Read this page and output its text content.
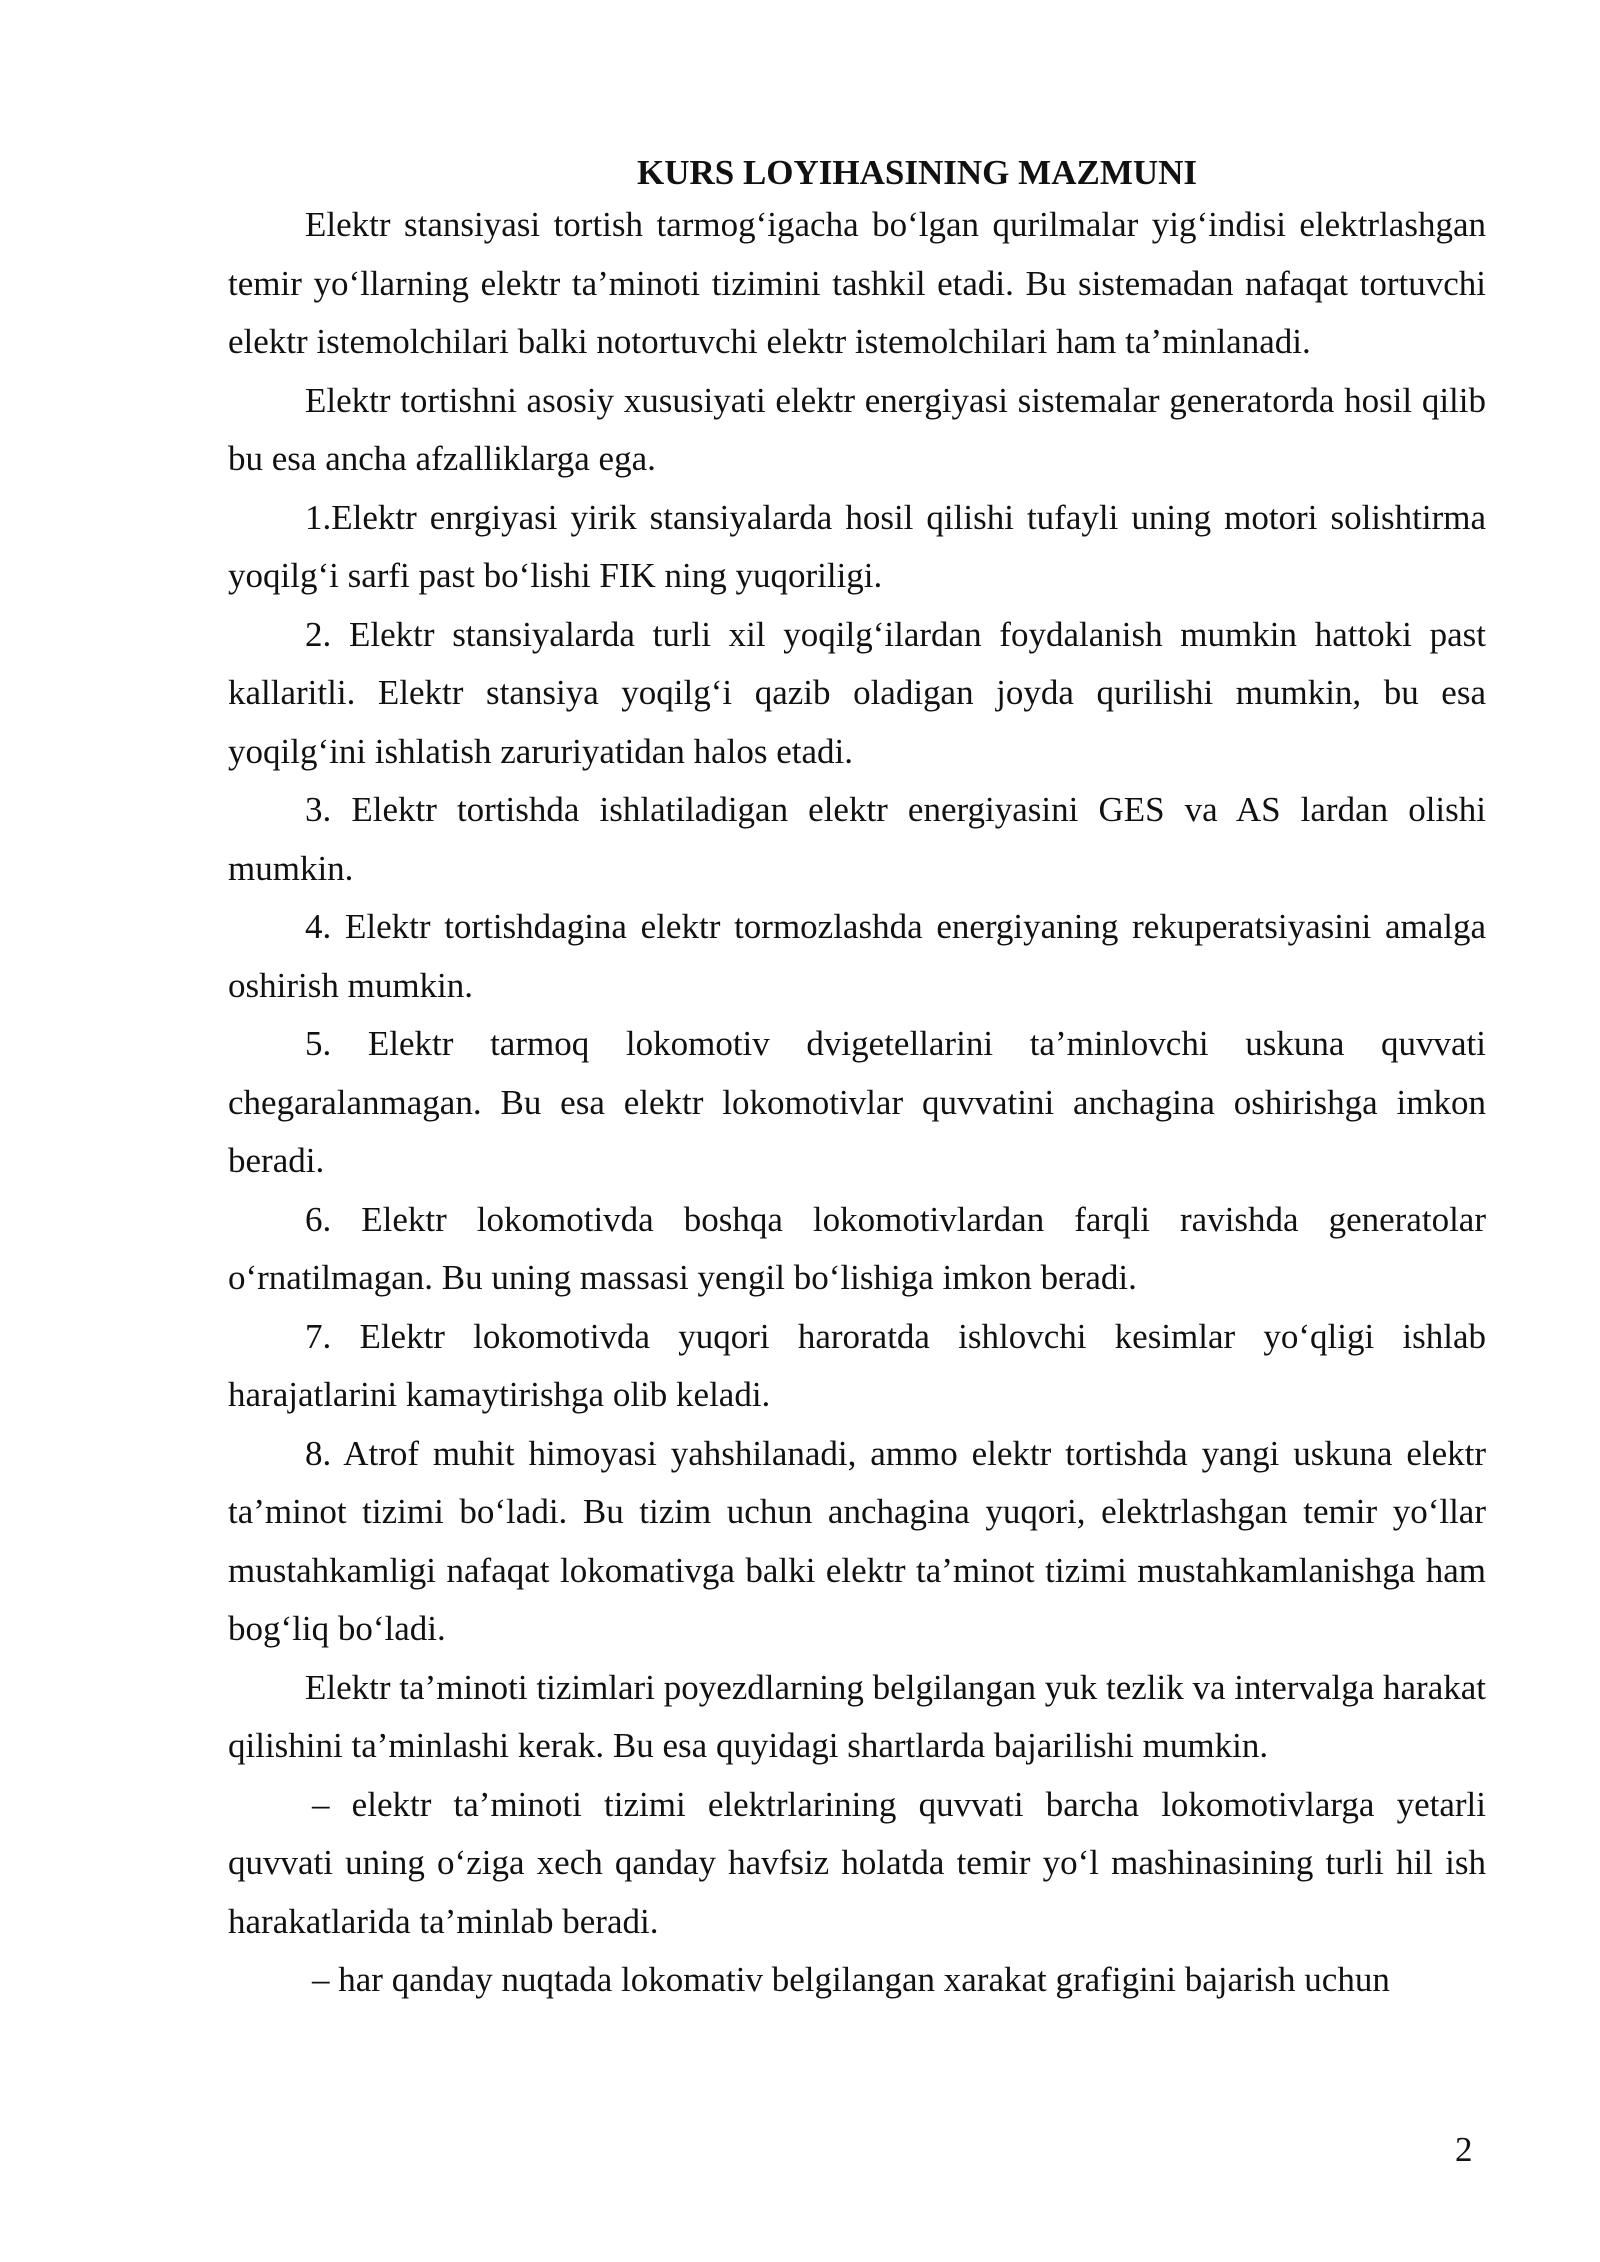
KURS LOYIHASINING MAZMUNI

Elektr stansiyasi tortish tarmog‘igacha bo‘lgan qurilmalar yig‘indisi elektrlashgan temir yo‘llarning elektr ta’minoti tizimini tashkil etadi. Bu sistemadan nafaqat tortuvchi elektr istemolchilari balki notortuvchi elektr istemolchilari ham ta’minlanadi.

Elektr tortishni asosiy xususiyati elektr energiyasi sistemalar generatorda hosil qilib bu esa ancha afzalliklarga ega.

1.Elektr enrgiyasi yirik stansiyalarda hosil qilishi tufayli uning motori solishtirma yoqilg‘i sarfi past bo‘lishi FIK ning yuqoriligi.

2. Elektr stansiyalarda turli xil yoqilg‘ilardan foydalanish mumkin hattoki past kallaritli. Elektr stansiya yoqilg‘i qazib oladigan joyda qurilishi mumkin, bu esa yoqilg‘ini ishlatish zaruriyatidan halos etadi.

3. Elektr tortishda ishlatiladigan elektr energiyasini GES va AS lardan olishi mumkin.

4. Elektr tortishdagina elektr tormozlashda energiyaning rekuperatsiyasini amalga oshirish mumkin.

5. Elektr tarmoq lokomotiv dvigetellarini ta’minlovchi uskuna quvvati chegaralanmagan. Bu esa elektr lokomotivlar quvvatini anchagina oshirishga imkon beradi.

6. Elektr lokomotivda boshqa lokomotivlardan farqli ravishda generatolar o‘rnatilmagan. Bu uning massasi yengil bo‘lishiga imkon beradi.

7. Elektr lokomotivda yuqori haroratda ishlovchi kesimlar yo‘qligi ishlab harajatlarini kamaytirishga olib keladi.

8. Atrof muhit himoyasi yahshilanadi, ammo elektr tortishda yangi uskuna elektr ta’minot tizimi bo‘ladi. Bu tizim uchun anchagina yuqori, elektrlashgan temir yo‘llar mustahkamligi nafaqat lokomativga balki elektr ta’minot tizimi mustahkamlanishga ham bog‘liq bo‘ladi.

Elektr ta’minoti tizimlari poyezdlarning belgilangan yuk tezlik va intervalga harakat qilishini ta’minlashi kerak. Bu esa quyidagi shartlarda bajarilishi mumkin.

– elektr ta’minoti tizimi elektrlarining quvvati barcha lokomotivlarga yetarli quvvati uning o‘ziga xech qanday havfsiz holatda temir yo‘l mashinasining turli hil ish harakatlarida ta’minlab beradi.

– har qanday nuqtada lokomativ belgilangan xarakat grafigini bajarish uchun

2
